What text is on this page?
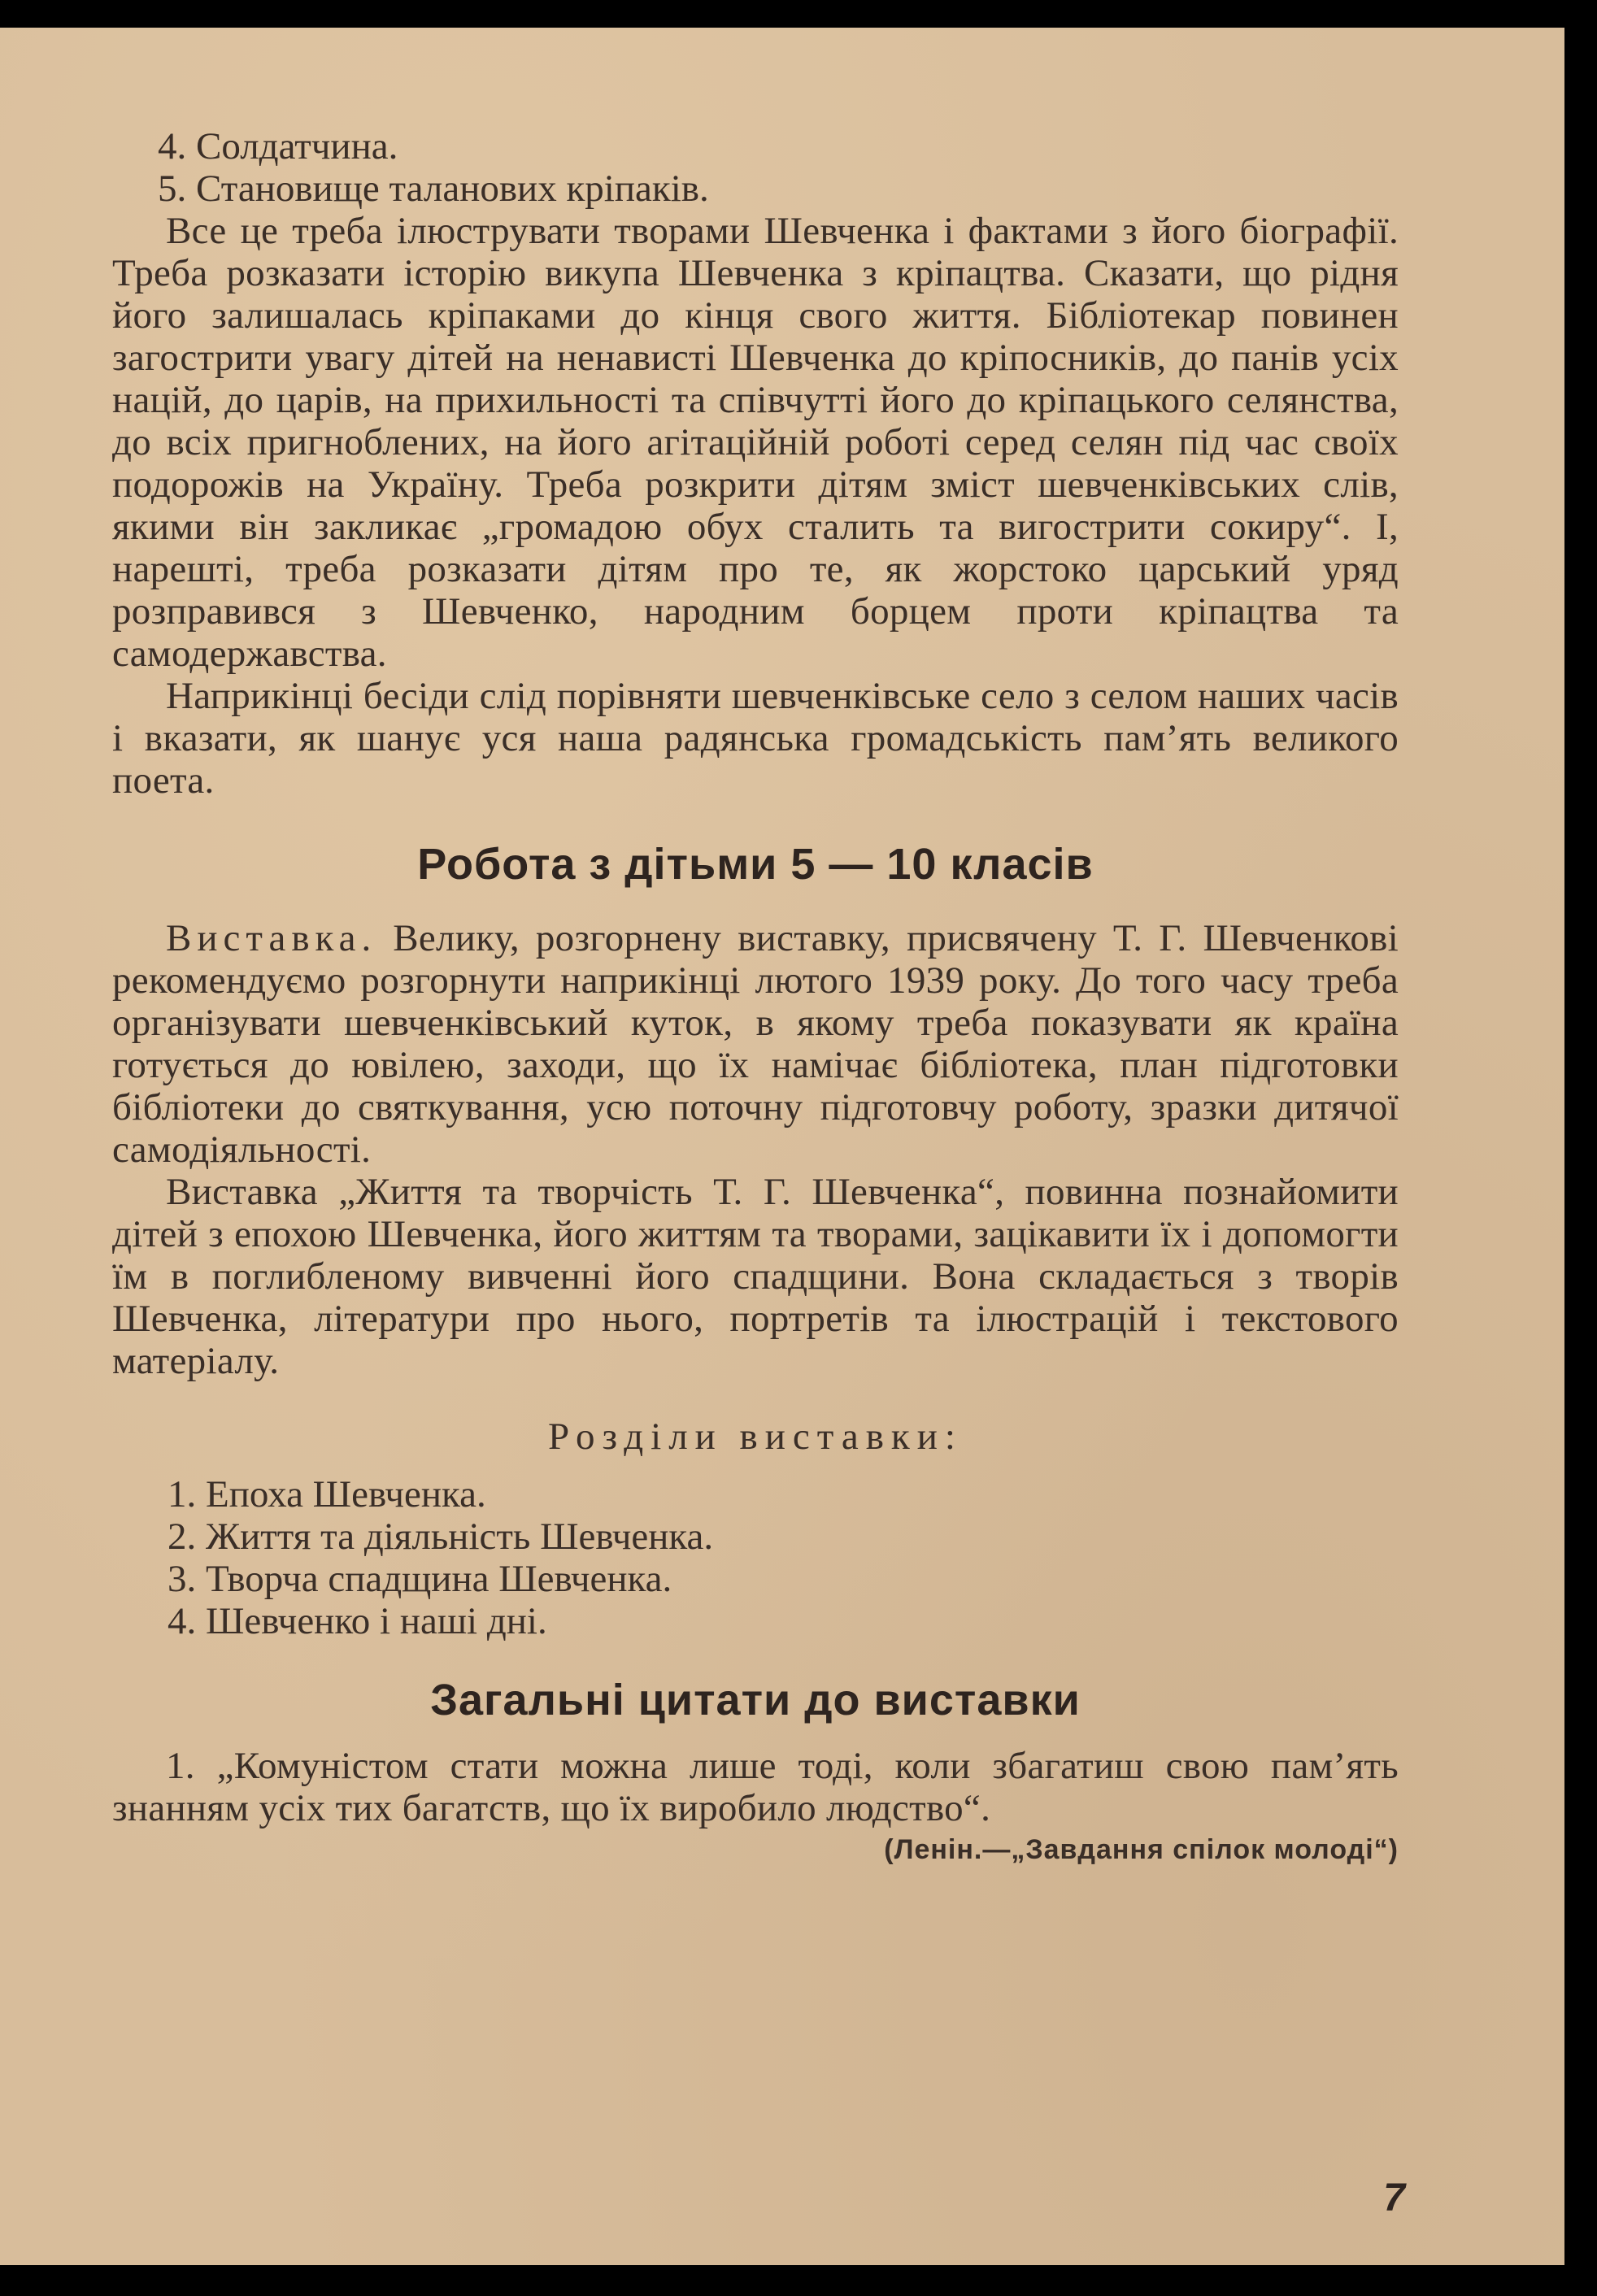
4. Солдатчина.

5. Становище таланових кріпаків.

Все це треба ілюструвати творами Шевченка і фактами з його біографії. Треба розказати історію викупа Шевченка з кріпацтва. Сказати, що рідня його залишалась кріпаками до кінця свого життя. Бібліотекар повинен загострити увагу дітей на ненависті Шевченка до кріпосників, до панів усіх націй, до царів, на прихильності та співчутті його до кріпацького селянства, до всіх пригноблених, на його агітаційній роботі серед селян під час своїх подорожів на Україну. Треба розкрити дітям зміст шевченківських слів, якими він закликає „громадою обух сталить та вигострити сокиру“. І, нарешті, треба розказати дітям про те, як жорстоко царський уряд розправився з Шевченко, народним борцем проти кріпацтва та самодержавства.

Наприкінці бесіди слід порівняти шевченківське село з селом наших часів і вказати, як шанує уся наша радянська громадськість пам’ять великого поета.

Робота з дітьми 5 — 10 класів

Виставка. Велику, розгорнену виставку, присвячену Т. Г. Шевченкові рекомендуємо розгорнути наприкінці лютого 1939 року. До того часу треба організувати шевченківський куток, в якому треба показувати як країна готується до ювілею, заходи, що їх намічає бібліотека, план підготовки бібліотеки до святкування, усю поточну підготовчу роботу, зразки дитячої самодіяльності.

Виставка „Життя та творчість Т. Г. Шевченка“, повинна познайомити дітей з епохою Шевченка, його життям та творами, зацікавити їх і допомогти їм в поглибленому вивченні його спадщини. Вона складається з творів Шевченка, літератури про нього, портретів та ілюстрацій і текстового матеріалу.

Розділи виставки:

1. Епоха Шевченка.

2. Життя та діяльність Шевченка.

3. Творча спадщина Шевченка.

4. Шевченко і наші дні.

Загальні цитати до виставки

1. „Комуністом стати можна лише тоді, коли збагатиш свою пам’ять знанням усіх тих багатств, що їх виробило людство“.

(Ленін.—„Завдання спілок молоді“)

7
